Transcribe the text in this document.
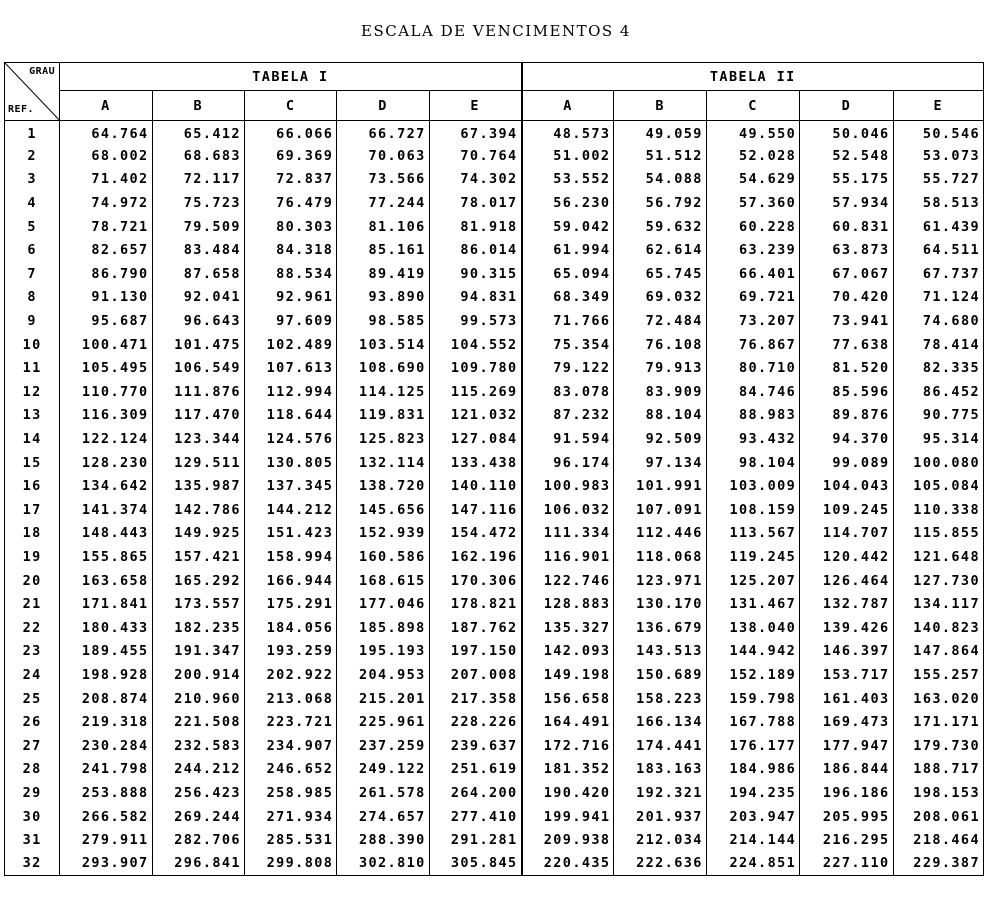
ESCALA DE VENCIMENTOS 4
GRAU
REF.	TABELA I					TABELA II				
	A	B	C	D	E	A	B	C	D	E
1	64.764	65.412	66.066	66.727	67.394	48.573	49.059	49.550	50.046	50.546
2	68.002	68.683	69.369	70.063	70.764	51.002	51.512	52.028	52.548	53.073
3	71.402	72.117	72.837	73.566	74.302	53.552	54.088	54.629	55.175	55.727
4	74.972	75.723	76.479	77.244	78.017	56.230	56.792	57.360	57.934	58.513
5	78.721	79.509	80.303	81.106	81.918	59.042	59.632	60.228	60.831	61.439
6	82.657	83.484	84.318	85.161	86.014	61.994	62.614	63.239	63.873	64.511
7	86.790	87.658	88.534	89.419	90.315	65.094	65.745	66.401	67.067	67.737
8	91.130	92.041	92.961	93.890	94.831	68.349	69.032	69.721	70.420	71.124
9	95.687	96.643	97.609	98.585	99.573	71.766	72.484	73.207	73.941	74.680
10	100.471	101.475	102.489	103.514	104.552	75.354	76.108	76.867	77.638	78.414
11	105.495	106.549	107.613	108.690	109.780	79.122	79.913	80.710	81.520	82.335
12	110.770	111.876	112.994	114.125	115.269	83.078	83.909	84.746	85.596	86.452
13	116.309	117.470	118.644	119.831	121.032	87.232	88.104	88.983	89.876	90.775
14	122.124	123.344	124.576	125.823	127.084	91.594	92.509	93.432	94.370	95.314
15	128.230	129.511	130.805	132.114	133.438	96.174	97.134	98.104	99.089	100.080
16	134.642	135.987	137.345	138.720	140.110	100.983	101.991	103.009	104.043	105.084
17	141.374	142.786	144.212	145.656	147.116	106.032	107.091	108.159	109.245	110.338
18	148.443	149.925	151.423	152.939	154.472	111.334	112.446	113.567	114.707	115.855
19	155.865	157.421	158.994	160.586	162.196	116.901	118.068	119.245	120.442	121.648
20	163.658	165.292	166.944	168.615	170.306	122.746	123.971	125.207	126.464	127.730
21	171.841	173.557	175.291	177.046	178.821	128.883	130.170	131.467	132.787	134.117
22	180.433	182.235	184.056	185.898	187.762	135.327	136.679	138.040	139.426	140.823
23	189.455	191.347	193.259	195.193	197.150	142.093	143.513	144.942	146.397	147.864
24	198.928	200.914	202.922	204.953	207.008	149.198	150.689	152.189	153.717	155.257
25	208.874	210.960	213.068	215.201	217.358	156.658	158.223	159.798	161.403	163.020
26	219.318	221.508	223.721	225.961	228.226	164.491	166.134	167.788	169.473	171.171
27	230.284	232.583	234.907	237.259	239.637	172.716	174.441	176.177	177.947	179.730
28	241.798	244.212	246.652	249.122	251.619	181.352	183.163	184.986	186.844	188.717
29	253.888	256.423	258.985	261.578	264.200	190.420	192.321	194.235	196.186	198.153
30	266.582	269.244	271.934	274.657	277.410	199.941	201.937	203.947	205.995	208.061
31	279.911	282.706	285.531	288.390	291.281	209.938	212.034	214.144	216.295	218.464
32	293.907	296.841	299.808	302.810	305.845	220.435	222.636	224.851	227.110	229.387
